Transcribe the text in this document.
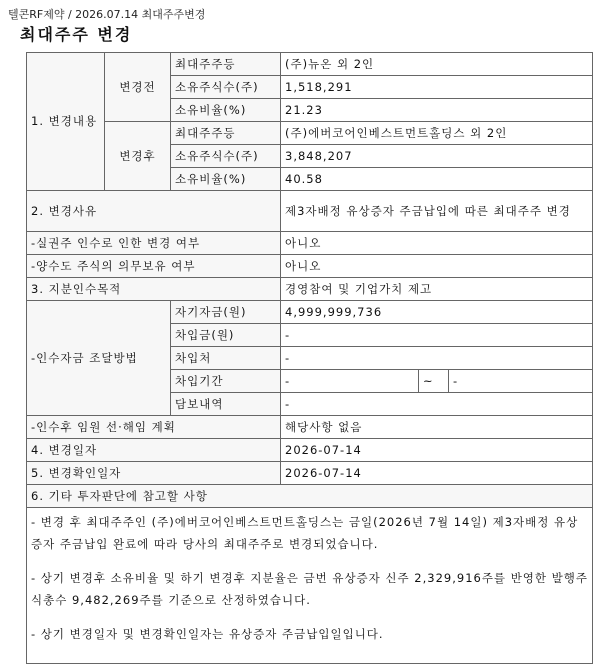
텔콘RF제약 / 2026.07.14 최대주주변경
최대주주 변경
1. 변경내용	변경전	최대주주등	(주)뉴온 외 2인		
		소유주식수(주)	1,518,291		
		소유비율(%)	21.23		
	변경후	최대주주등	(주)에버코어인베스트먼트홀딩스 외 2인		
		소유주식수(주)	3,848,207		
		소유비율(%)	40.58		
2. 변경사유			제3자배정 유상증자 주금납입에 따른 최대주주 변경		
-실권주 인수로 인한 변경 여부			아니오		
-양수도 주식의 의무보유 여부			아니오		
3. 지분인수목적			경영참여 및 기업가치 제고		
-인수자금 조달방법		자기자금(원)	4,999,999,736		
		차입금(원)	-		
		차입처	-		
		차입기간	-	~	-
		담보내역	-		
-인수후 임원 선·해임 계획			해당사항 없음		
4. 변경일자			2026-07-14		
5. 변경확인일자			2026-07-14		
6. 기타 투자판단에 참고할 사항					

- 변경 후 최대주주인 (주)에버코어인베스트먼트홀딩스는 금일(2026년 7월 14일) 제3자배정 유상증자 주금납입 완료에 따라 당사의 최대주주로 변경되었습니다.

- 상기 변경후 소유비율 및 하기 변경후 지분율은 금번 유상증자 신주 2,329,916주를 반영한 발행주식총수 9,482,269주를 기준으로 산정하였습니다.

- 상기 변경일자 및 변경확인일자는 유상증자 주금납입일입니다.					
